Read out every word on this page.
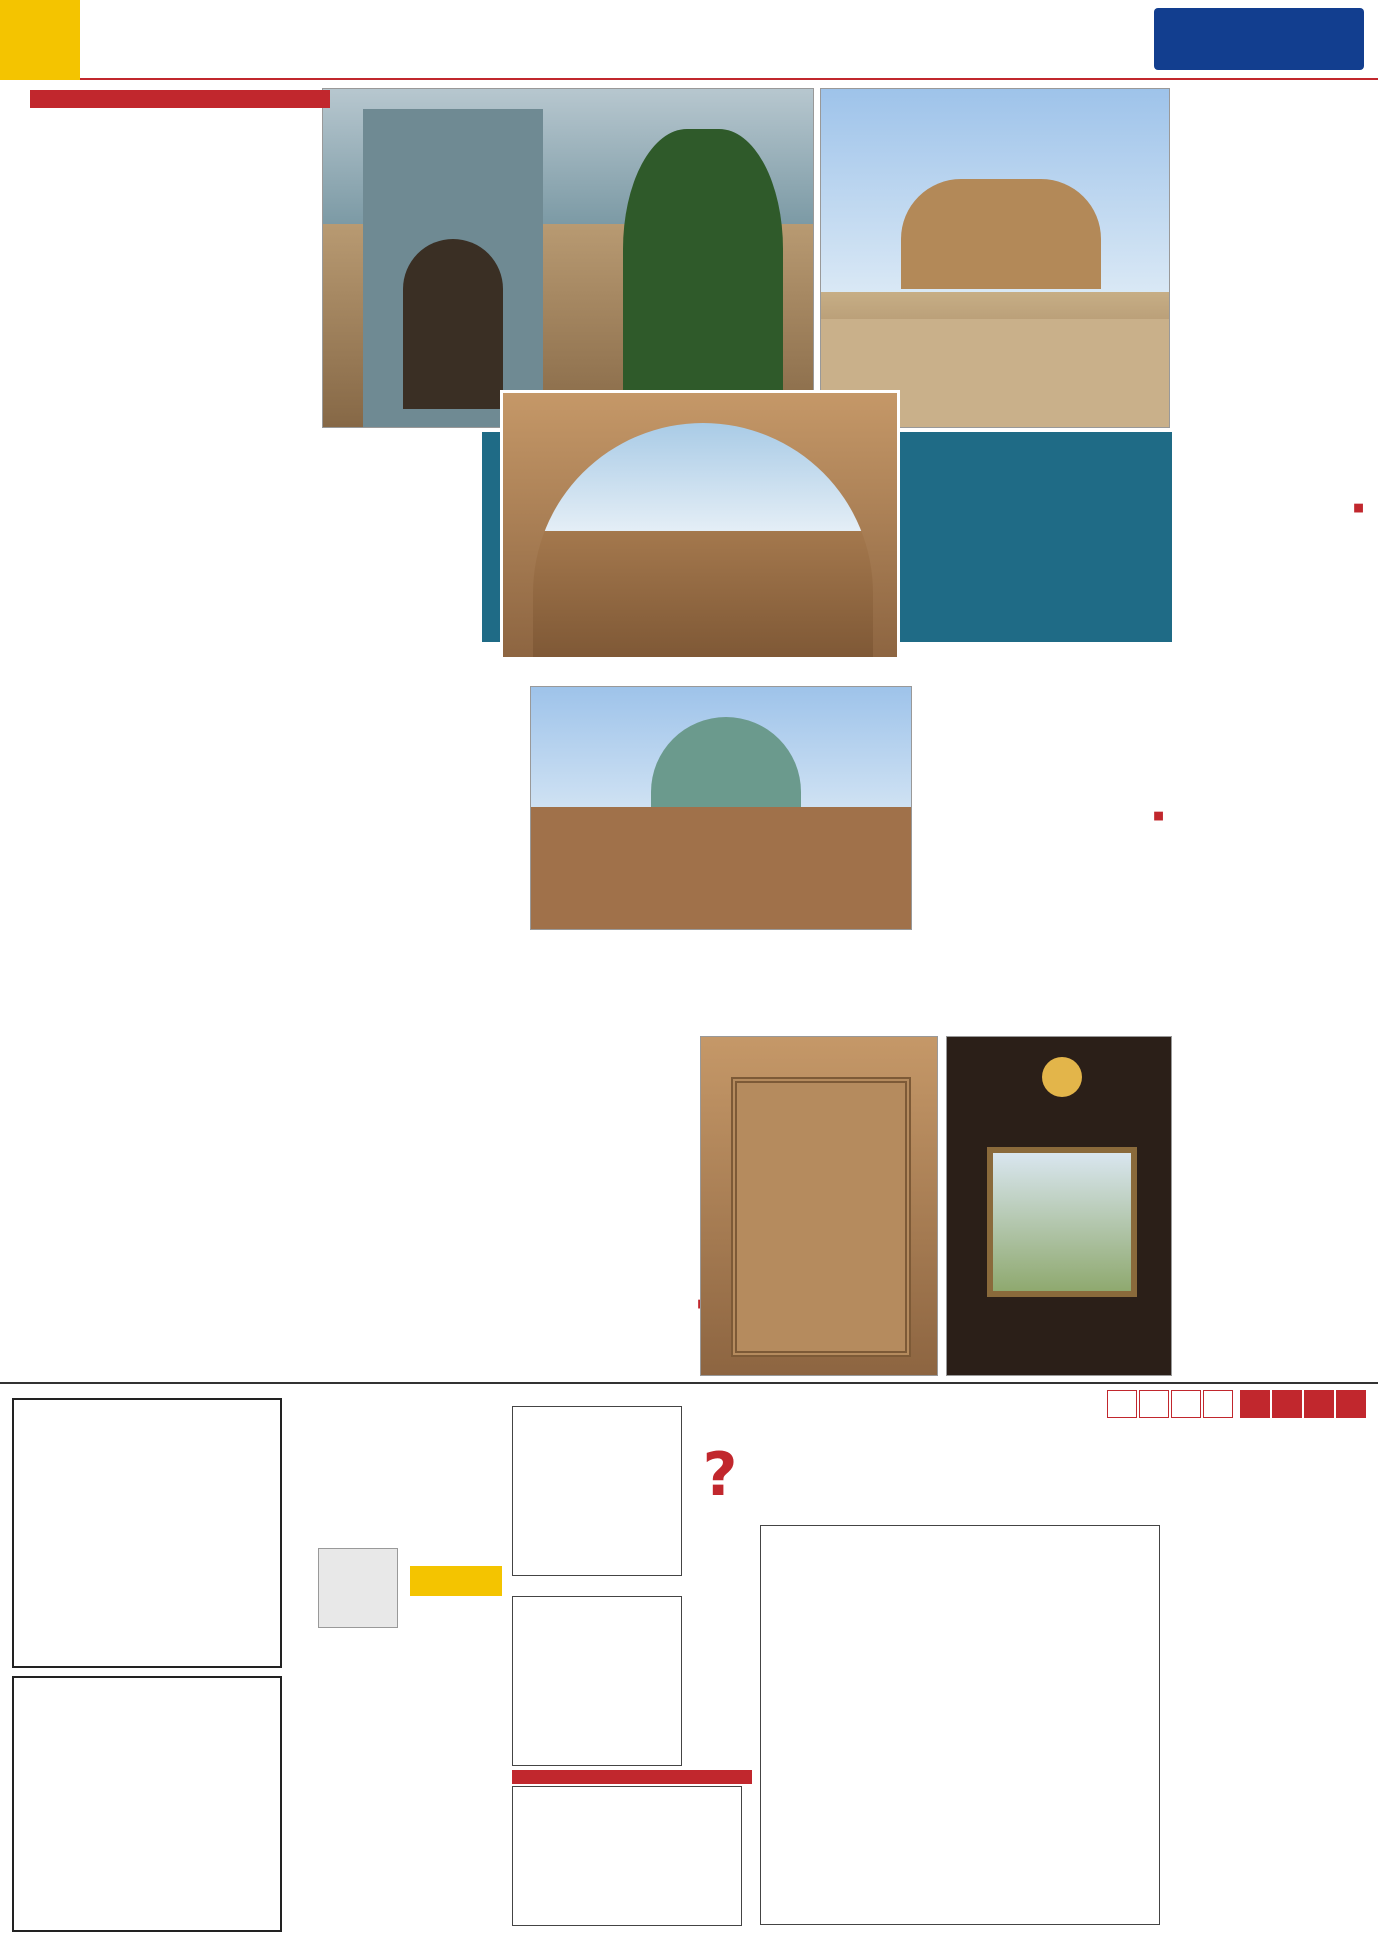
■
■
■

?
